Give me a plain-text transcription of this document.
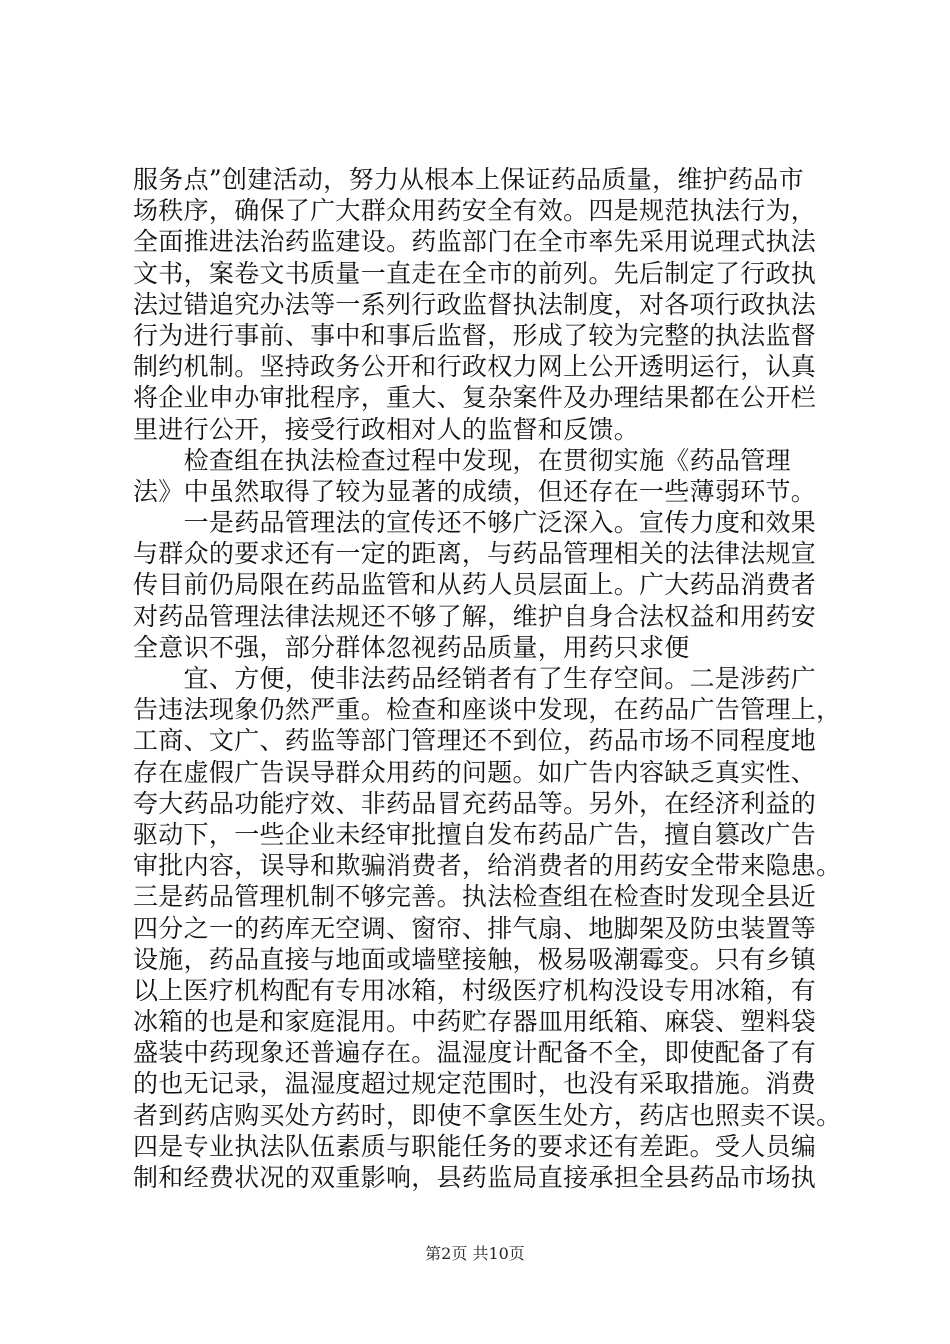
服务点”创建活动，努力从根本上保证药品质量，维护药品市
场秩序，确保了广大群众用药安全有效。四是规范执法行为，
全面推进法治药监建设。药监部门在全市率先采用说理式执法
文书，案卷文书质量一直走在全市的前列。先后制定了行政执
法过错追究办法等一系列行政监督执法制度，对各项行政执法
行为进行事前、事中和事后监督，形成了较为完整的执法监督
制约机制。坚持政务公开和行政权力网上公开透明运行，认真
将企业申办审批程序，重大、复杂案件及办理结果都在公开栏
里进行公开，接受行政相对人的监督和反馈。
　　检查组在执法检查过程中发现，在贯彻实施《药品管理
法》中虽然取得了较为显著的成绩，但还存在一些薄弱环节。
　　一是药品管理法的宣传还不够广泛深入。宣传力度和效果
与群众的要求还有一定的距离，与药品管理相关的法律法规宣
传目前仍局限在药品监管和从药人员层面上。广大药品消费者
对药品管理法律法规还不够了解，维护自身合法权益和用药安
全意识不强，部分群体忽视药品质量，用药只求便
　　宜、方便，使非法药品经销者有了生存空间。二是涉药广
告违法现象仍然严重。检查和座谈中发现，在药品广告管理上，
工商、文广、药监等部门管理还不到位，药品市场不同程度地
存在虚假广告误导群众用药的问题。如广告内容缺乏真实性、
夸大药品功能疗效、非药品冒充药品等。另外，在经济利益的
驱动下，一些企业未经审批擅自发布药品广告，擅自篡改广告
审批内容，误导和欺骗消费者，给消费者的用药安全带来隐患。
三是药品管理机制不够完善。执法检查组在检查时发现全县近
四分之一的药库无空调、窗帘、排气扇、地脚架及防虫装置等
设施，药品直接与地面或墙壁接触，极易吸潮霉变。只有乡镇
以上医疗机构配有专用冰箱，村级医疗机构没设专用冰箱，有
冰箱的也是和家庭混用。中药贮存器皿用纸箱、麻袋、塑料袋
盛装中药现象还普遍存在。温湿度计配备不全，即使配备了有
的也无记录，温湿度超过规定范围时，也没有采取措施。消费
者到药店购买处方药时，即使不拿医生处方，药店也照卖不误。
四是专业执法队伍素质与职能任务的要求还有差距。受人员编
制和经费状况的双重影响，县药监局直接承担全县药品市场执
第2页 共10页
